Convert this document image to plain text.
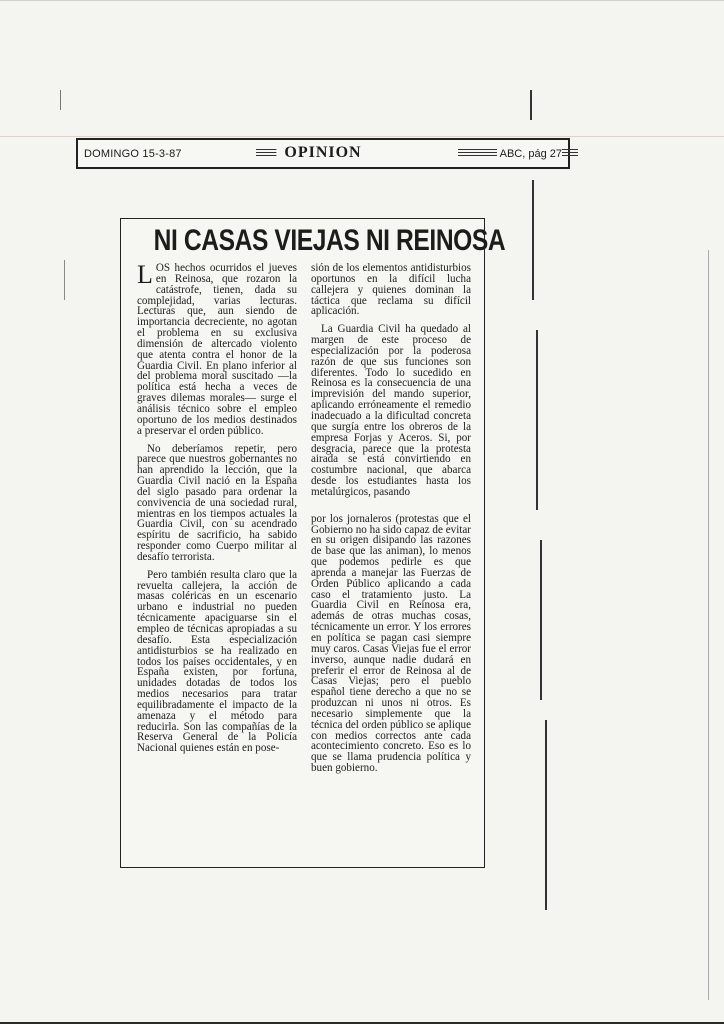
DOMINGO 15-3-87	OPINION	ABC, pág 27
NI CASAS VIEJAS NI REINOSA

LOS hechos ocurridos el jueves en Reinosa, que rozaron la catástrofe, tienen, dada su complejidad, varias lecturas. Lecturas que, aun siendo de importancia decreciente, no agotan el problema en su exclusiva dimensión de altercado violento que atenta contra el honor de la Guardia Civil. En plano inferior al del problema moral suscitado —la política está hecha a veces de graves dilemas morales— surge el análisis técnico sobre el empleo oportuno de los medios destinados a preservar el orden público.

No deberíamos repetir, pero parece que nuestros gobernantes no han aprendido la lección, que la Guardia Civil nació en la España del siglo pasado para ordenar la convivencia de una sociedad rural, mientras en los tiempos actuales la Guardia Civil, con su acendrado espíritu de sacrificio, ha sabido responder como Cuerpo militar al desafío terrorista.

Pero también resulta claro que la revuelta callejera, la acción de masas coléricas en un escenario urbano e industrial no pueden técnicamente apaciguarse sin el empleo de técnicas apropiadas a su desafío. Esta especialización antidisturbios se ha realizado en todos los países occidentales, y en España existen, por fortuna, unidades dotadas de todos los medios necesarios para tratar equilibradamente el impacto de la amenaza y el método para reducirla. Son las compañías de la Reserva General de la Policía Nacional quienes están en pose-

sión de los elementos antidisturbios oportunos en la difícil lucha callejera y quienes dominan la táctica que reclama su difícil aplicación.

La Guardia Civil ha quedado al margen de este proceso de especialización por la poderosa razón de que sus funciones son diferentes. Todo lo sucedido en Reinosa es la consecuencia de una imprevisión del mando superior, aplicando erróneamente el remedio inadecuado a la dificultad concreta que surgía entre los obreros de la empresa Forjas y Aceros. Si, por desgracia, parece que la protesta airada se está convirtiendo en costumbre nacional, que abarca desde los estudiantes hasta los metalúrgicos, pasando

por los jornaleros (protestas que el Gobierno no ha sido capaz de evitar en su origen disipando las razones de base que las animan), lo menos que podemos pedirle es que aprenda a manejar las Fuerzas de Orden Público aplicando a cada caso el tratamiento justo. La Guardia Civil en Reinosa era, además de otras muchas cosas, técnicamente un error. Y los errores en política se pagan casi siempre muy caros. Casas Viejas fue el error inverso, aunque nadie dudará en preferir el error de Reinosa al de Casas Viejas; pero el pueblo español tiene derecho a que no se produzcan ni unos ni otros. Es necesario simplemente que la técnica del orden público se aplique con medios correctos ante cada acontecimiento concreto. Eso es lo que se llama prudencia política y buen gobierno.
